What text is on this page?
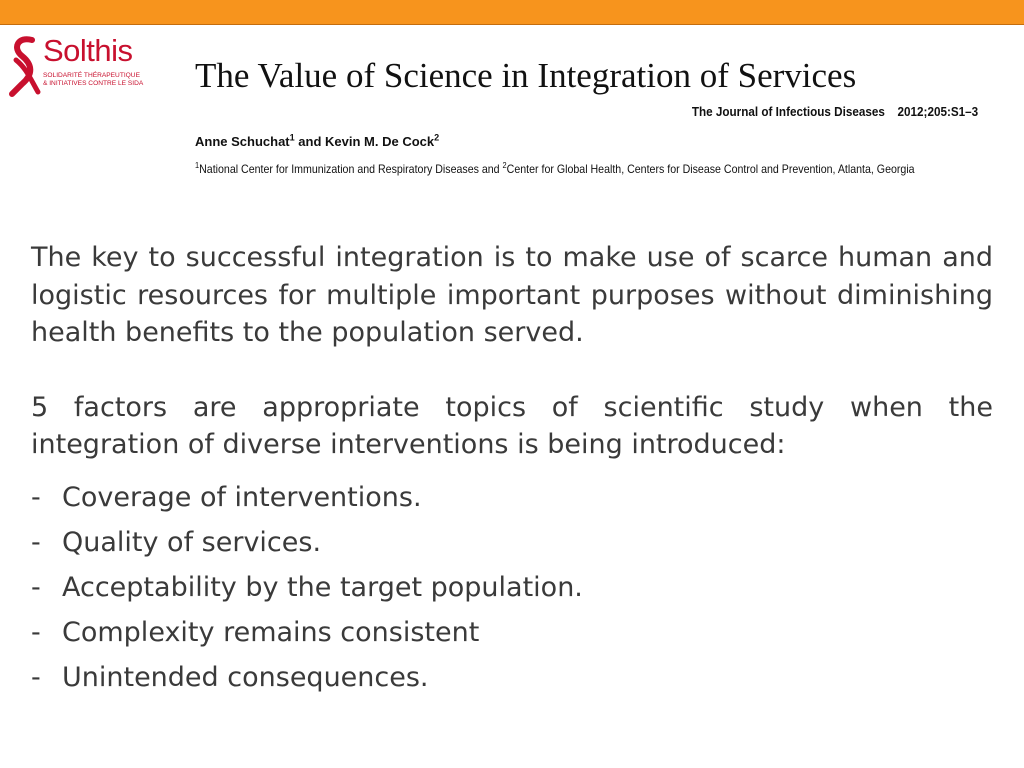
Solthis
SOLIDARITÉ THÉRAPEUTIQUE
& INITIATIVES CONTRE LE SIDA The Value of Science in Integration of Services
The Journal of Infectious Diseases 2012;205:S1–3
Anne Schuchat$^1$ and Kevin M. De Cock$^2$
$^1$National Center for Immunization and Respiratory Diseases and $^2$Center for Global Health, Centers for Disease Control and Prevention, Atlanta, Georgia

The key to successful integration is to make use of scarce human and logistic resources for multiple important purposes without diminishing health benefits to the population served.

5 factors are appropriate topics of scientific study when the integration of diverse interventions is being introduced:

- Coverage of interventions.
- Quality of services.
- Acceptability by the target population.
- Complexity remains consistent
- Unintended consequences.
